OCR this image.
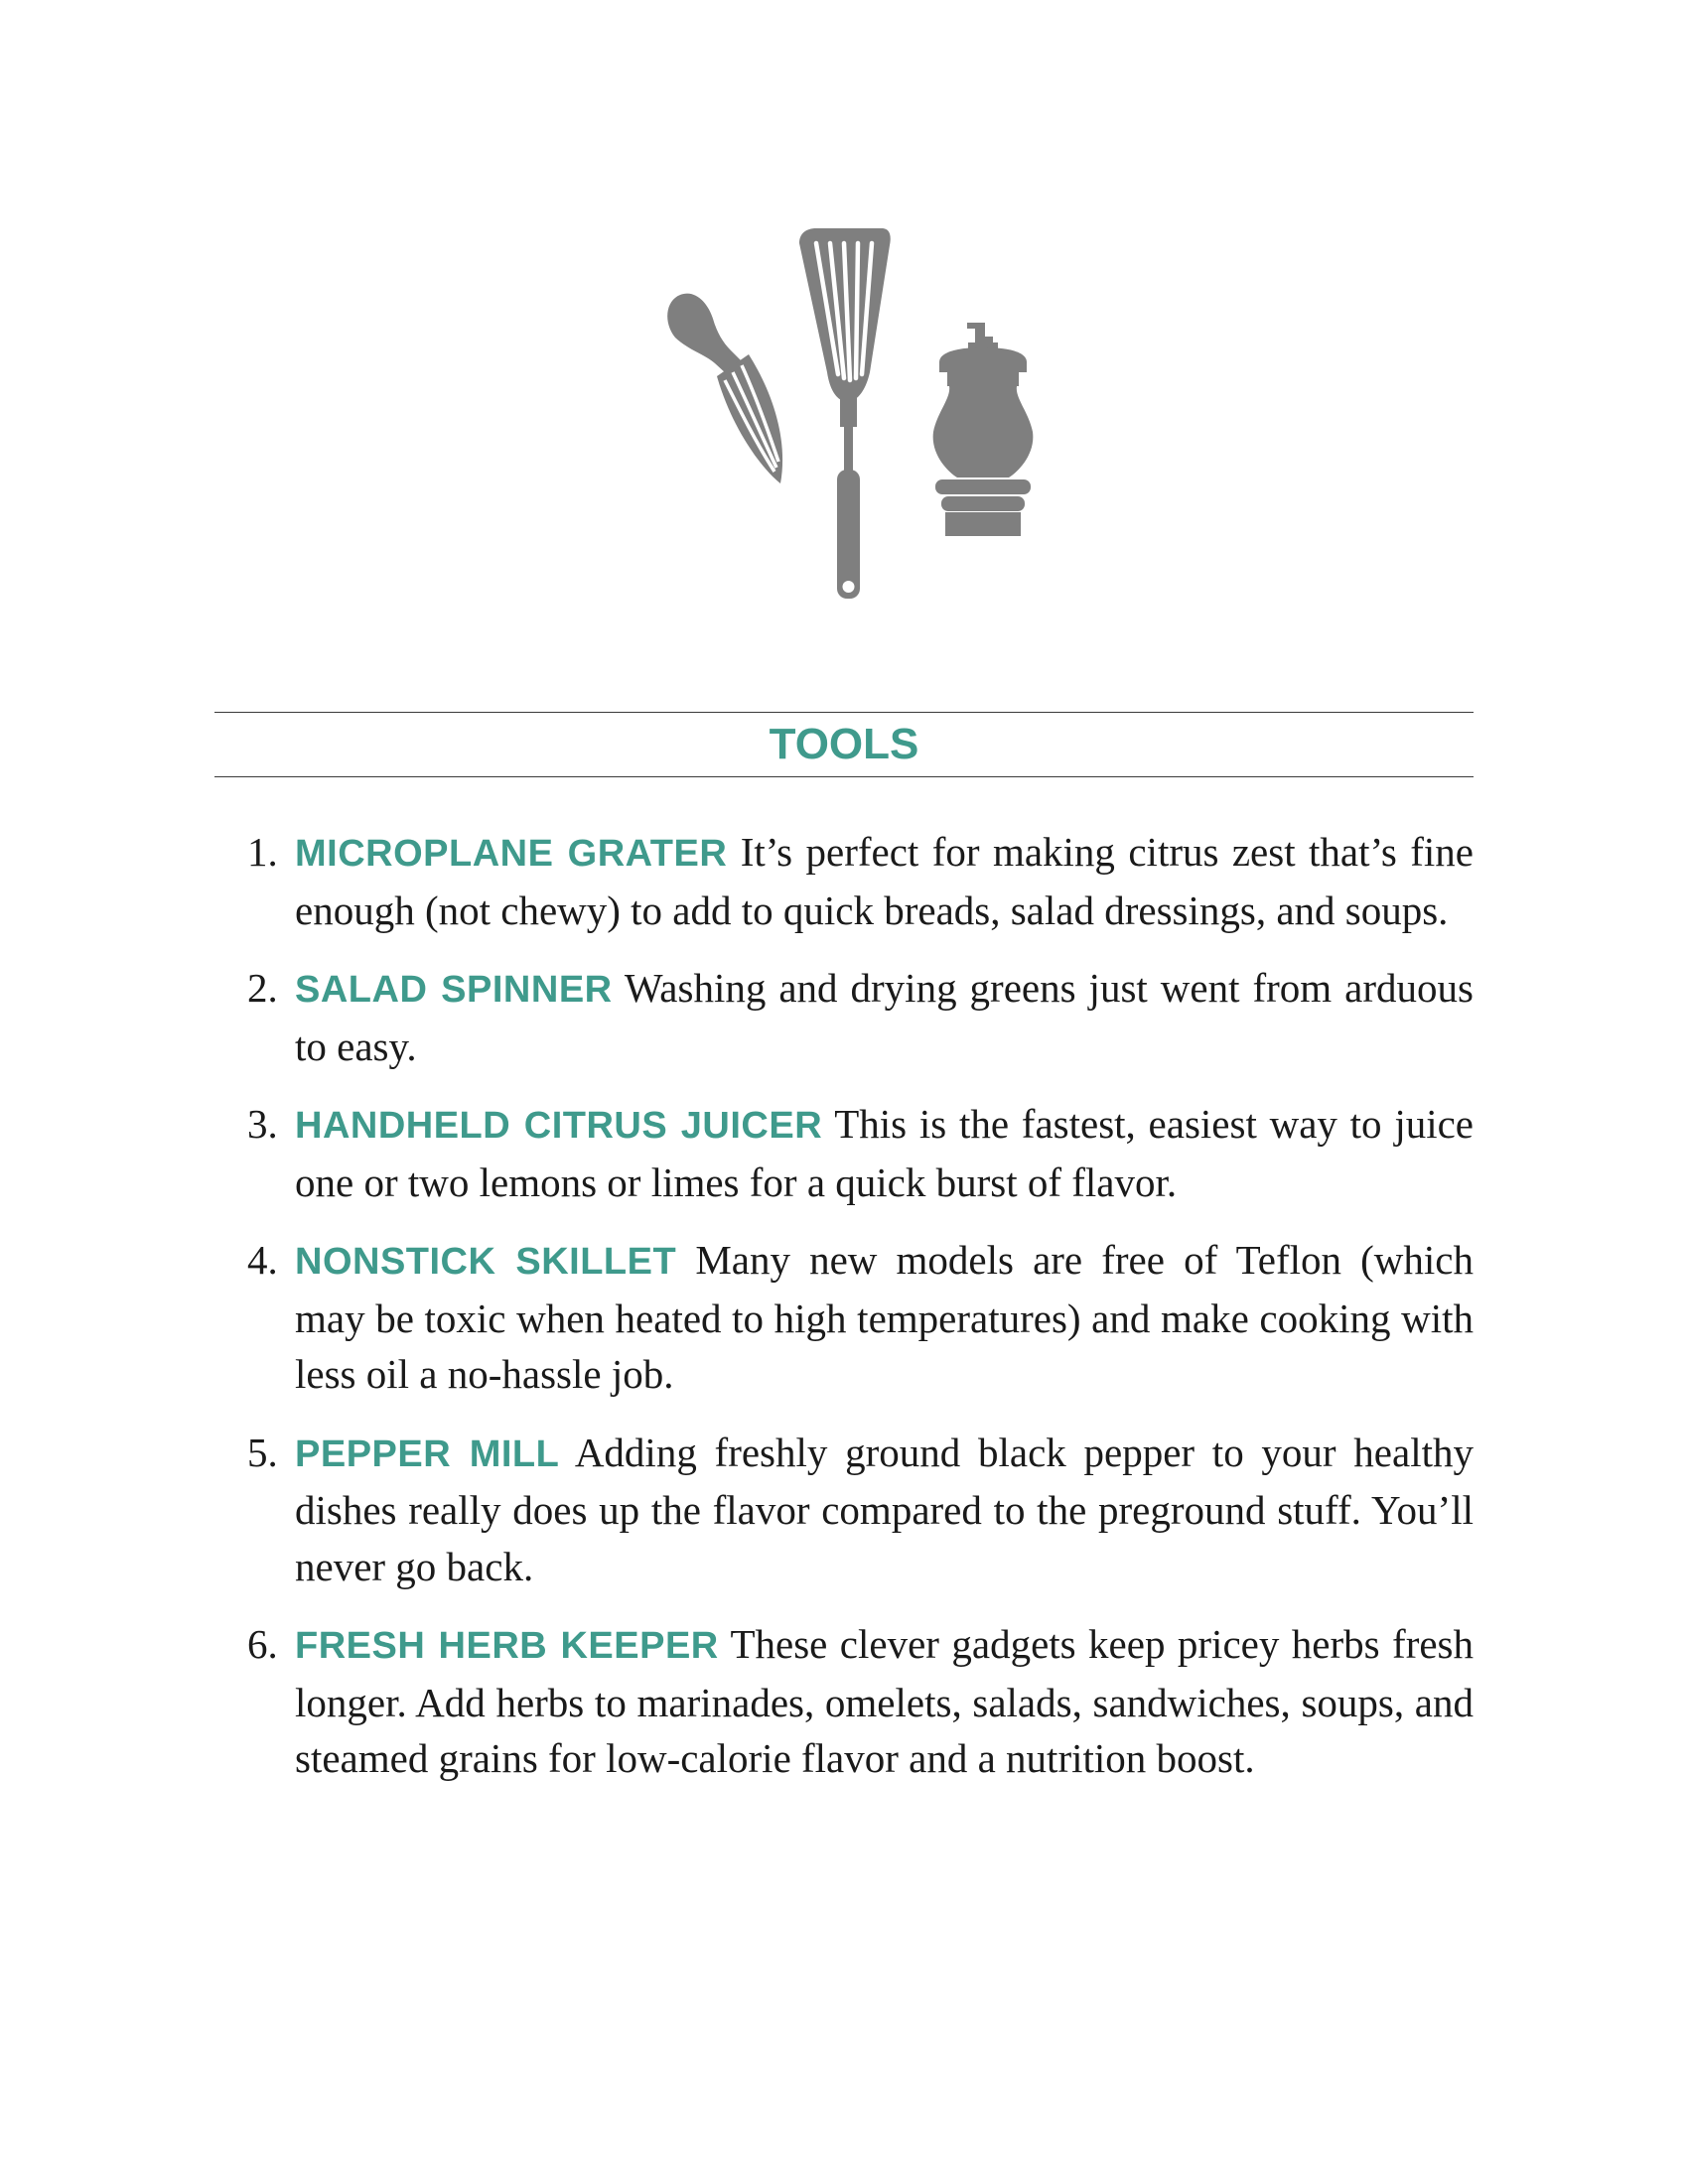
TOOLS
1. MICROPLANE GRATER It’s perfect for making citrus zest that’s fine enough (not chewy) to add to quick breads, salad dressings, and soups.
2. SALAD SPINNER Washing and drying greens just went from arduous to easy.
3. HANDHELD CITRUS JUICER This is the fastest, easiest way to juice one or two lemons or limes for a quick burst of flavor.
4. NONSTICK SKILLET Many new models are free of Teflon (which may be toxic when heated to high temperatures) and make cooking with less oil a no-hassle job.
5. PEPPER MILL Adding freshly ground black pepper to your healthy dishes really does up the flavor compared to the preground stuff. You’ll never go back.
6. FRESH HERB KEEPER These clever gadgets keep pricey herbs fresh longer. Add herbs to marinades, omelets, salads, sandwiches, soups, and steamed grains for low-calorie flavor and a nutrition boost.
